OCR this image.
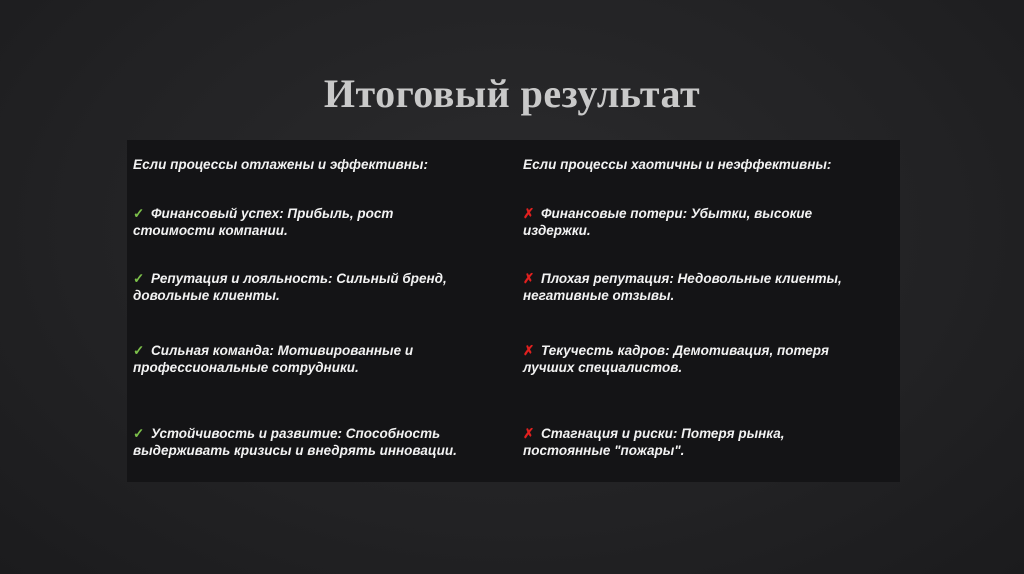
Итоговый результат
Если процессы отлажены и эффективны:	Если процессы хаотичны и неэффективны:
✓ Финансовый успех: Прибыль, рост стоимости компании.
✓ Репутация и лояльность: Сильный бренд, довольные клиенты.
✓ Сильная команда: Мотивированные и профессиональные сотрудники.
✓ Устойчивость и развитие: Способность выдерживать кризисы и внедрять инновации.
✗ Финансовые потери: Убытки, высокие издержки.
✗ Плохая репутация: Недовольные клиенты, негативные отзывы.
✗ Текучесть кадров: Демотивация, потеря лучших специалистов.
✗ Стагнация и риски: Потеря рынка, постоянные "пожары".
